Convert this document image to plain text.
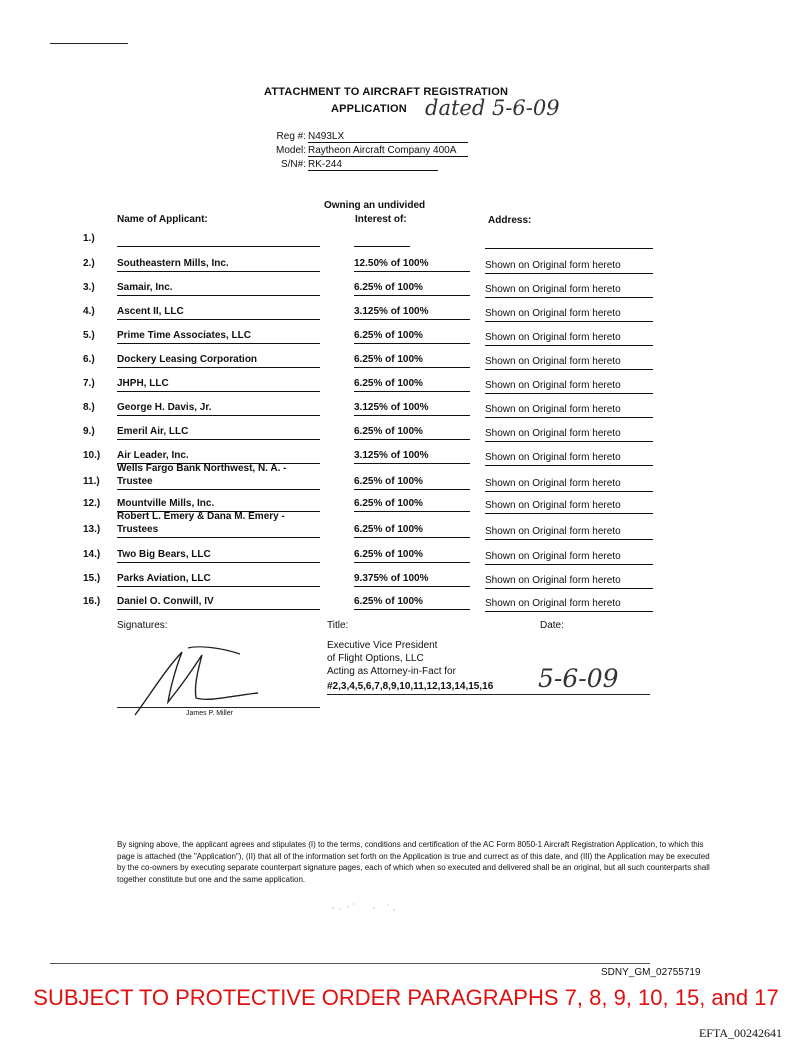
ATTACHMENT TO AIRCRAFT REGISTRATION
APPLICATION dated 5-6-09
Reg #: N493LX
Model: Raytheon Aircraft Company 400A
S/N#: RK-244
Name of Applicant:
Owning an undivided
Interest of:	Address:
1.)
2.) Southeastern Mills, Inc.	12.50% of 100%	Shown on Original form hereto
3.) Samair, Inc.	6.25% of 100%	Shown on Original form hereto
4.) Ascent II, LLC	3.125% of 100%	Shown on Original form hereto
5.) Prime Time Associates, LLC	6.25% of 100%	Shown on Original form hereto
6.) Dockery Leasing Corporation	6.25% of 100%	Shown on Original form hereto
7.) JHPH, LLC	6.25% of 100%	Shown on Original form hereto
8.) George H. Davis, Jr.	3.125% of 100%	Shown on Original form hereto
9.) Emeril Air, LLC	6.25% of 100%	Shown on Original form hereto
10.) Air Leader, Inc.	3.125% of 100%	Shown on Original form hereto
11.)
Wells Fargo Bank Northwest, N. A. -
Trustee	6.25% of 100%	Shown on Original form hereto
12.) Mountville Mills, Inc.	6.25% of 100%	Shown on Original form hereto
13.)
Robert L. Emery & Dana M. Emery -
Trustees	6.25% of 100%	Shown on Original form hereto
14.) Two Big Bears, LLC	6.25% of 100%	Shown on Original form hereto
15.) Parks Aviation, LLC	9.375% of 100%	Shown on Original form hereto
16.) Daniel O. Conwill, IV	6.25% of 100%	Shown on Original form hereto
Signatures:	Title:	Date:
James P. Miller
Executive Vice President
of Flight Options, LLC
Acting as Attorney-in-Fact for
#2,3,4,5,6,7,8,9,10,11,12,13,14,15,16 5-6-09
By signing above, the applicant agrees and stipulates (I) to the terms, conditions and certification of the AC Form 8050-1 Aircraft Registration Application, to which this page is attached (the "Application"), (II) that all of the information set forth on the Application is true and currect as of this date, and (III) the Application may be executed by the co-owners by executing separate counterpart signature pages, each of which when so executed and delivered shall be an original, but all such counterparts shall together constitute but one and the same application.
SDNY_GM_02755719
SUBJECT TO PROTECTIVE ORDER PARAGRAPHS 7, 8, 9, 10, 15, and 17
EFTA_00242641
